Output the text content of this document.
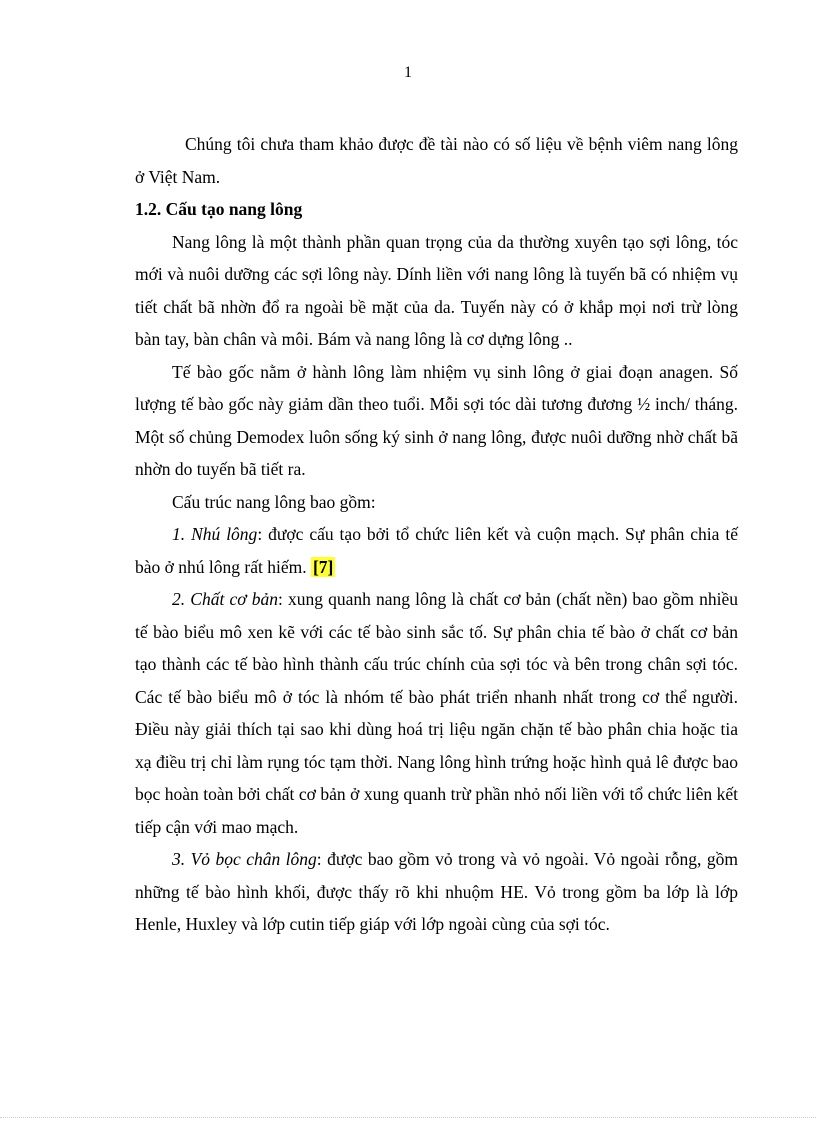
1

Chúng tôi chưa tham khảo được đề tài nào có số liệu về bệnh viêm nang lông ở Việt Nam.

1.2. Cấu tạo nang lông

Nang lông là một thành phần quan trọng của da thường xuyên tạo sợi lông, tóc mới và nuôi dưỡng các sợi lông này. Dính liền với nang lông là tuyến bã có nhiệm vụ tiết chất bã nhờn đổ ra ngoài bề mặt của da. Tuyến này có ở khắp mọi nơi trừ lòng bàn tay, bàn chân và môi. Bám và nang lông là cơ dựng lông ..

Tế bào gốc nằm ở hành lông làm nhiệm vụ sinh lông ở giai đoạn anagen. Số lượng tế bào gốc này giảm dần theo tuổi. Mỗi sợi tóc dài tương đương ½ inch/ tháng. Một số chủng Demodex luôn sống ký sinh ở nang lông, được nuôi dưỡng nhờ chất bã nhờn do tuyến bã tiết ra.

Cấu trúc nang lông bao gồm:

1. Nhú lông: được cấu tạo bởi tổ chức liên kết và cuộn mạch. Sự phân chia tế bào ở nhú lông rất hiếm. [7]

2. Chất cơ bản: xung quanh nang lông là chất cơ bản (chất nền) bao gồm nhiều tế bào biểu mô xen kẽ với các tế bào sinh sắc tố. Sự phân chia tế bào ở chất cơ bản tạo thành các tế bào hình thành cấu trúc chính của sợi tóc và bên trong chân sợi tóc. Các tế bào biểu mô ở tóc là nhóm tế bào phát triển nhanh nhất trong cơ thể người. Điều này giải thích tại sao khi dùng hoá trị liệu ngăn chặn tế bào phân chia hoặc tia xạ điều trị chỉ làm rụng tóc tạm thời. Nang lông hình trứng hoặc hình quả lê được bao bọc hoàn toàn bởi chất cơ bản ở xung quanh trừ phần nhỏ nối liền với tổ chức liên kết tiếp cận với mao mạch.

3. Vỏ bọc chân lông: được bao gồm vỏ trong và vỏ ngoài. Vỏ ngoài rỗng, gồm những tế bào hình khối, được thấy rõ khi nhuộm HE. Vỏ trong gồm ba lớp là lớp Henle, Huxley và lớp cutin tiếp giáp với lớp ngoài cùng của sợi tóc.
